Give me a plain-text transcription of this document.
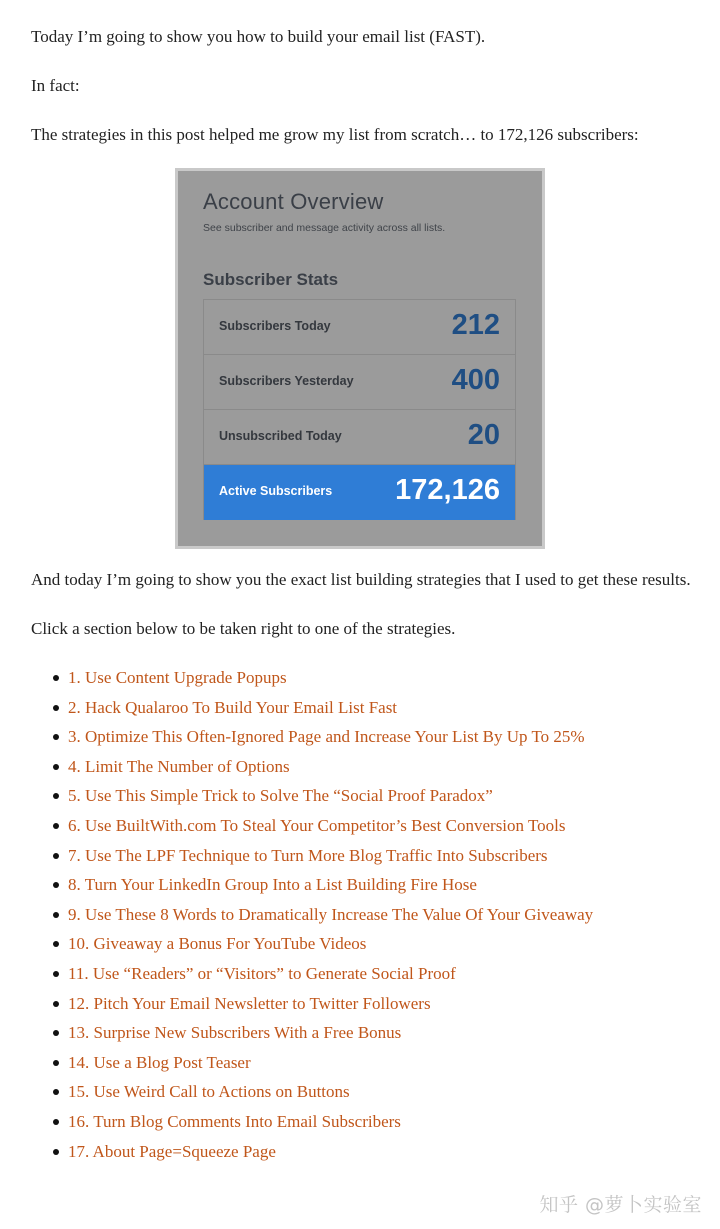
Today I’m going to show you how to build your email list (FAST).

In fact:

The strategies in this post helped me grow my list from scratch… to 172,126 subscribers:

Account Overview
See subscriber and message activity across all lists.
Subscriber Stats
Subscribers Today	212
Subscribers Yesterday	400
Unsubscribed Today	20
Active Subscribers 172,126

And today I’m going to show you the exact list building strategies that I used to get these results.

Click a section below to be taken right to one of the strategies.

1. Use Content Upgrade Popups
2. Hack Qualaroo To Build Your Email List Fast
3. Optimize This Often-Ignored Page and Increase Your List By Up To 25%
4. Limit The Number of Options
5. Use This Simple Trick to Solve The “Social Proof Paradox”
6. Use BuiltWith.com To Steal Your Competitor’s Best Conversion Tools
7. Use The LPF Technique to Turn More Blog Traffic Into Subscribers
8. Turn Your LinkedIn Group Into a List Building Fire Hose
9. Use These 8 Words to Dramatically Increase The Value Of Your Giveaway
10. Giveaway a Bonus For YouTube Videos
11. Use “Readers” or “Visitors” to Generate Social Proof
12. Pitch Your Email Newsletter to Twitter Followers
13. Surprise New Subscribers With a Free Bonus
14. Use a Blog Post Teaser
15. Use Weird Call to Actions on Buttons
16. Turn Blog Comments Into Email Subscribers
17. About Page=Squeeze Page
知乎 @萝卜实验室
